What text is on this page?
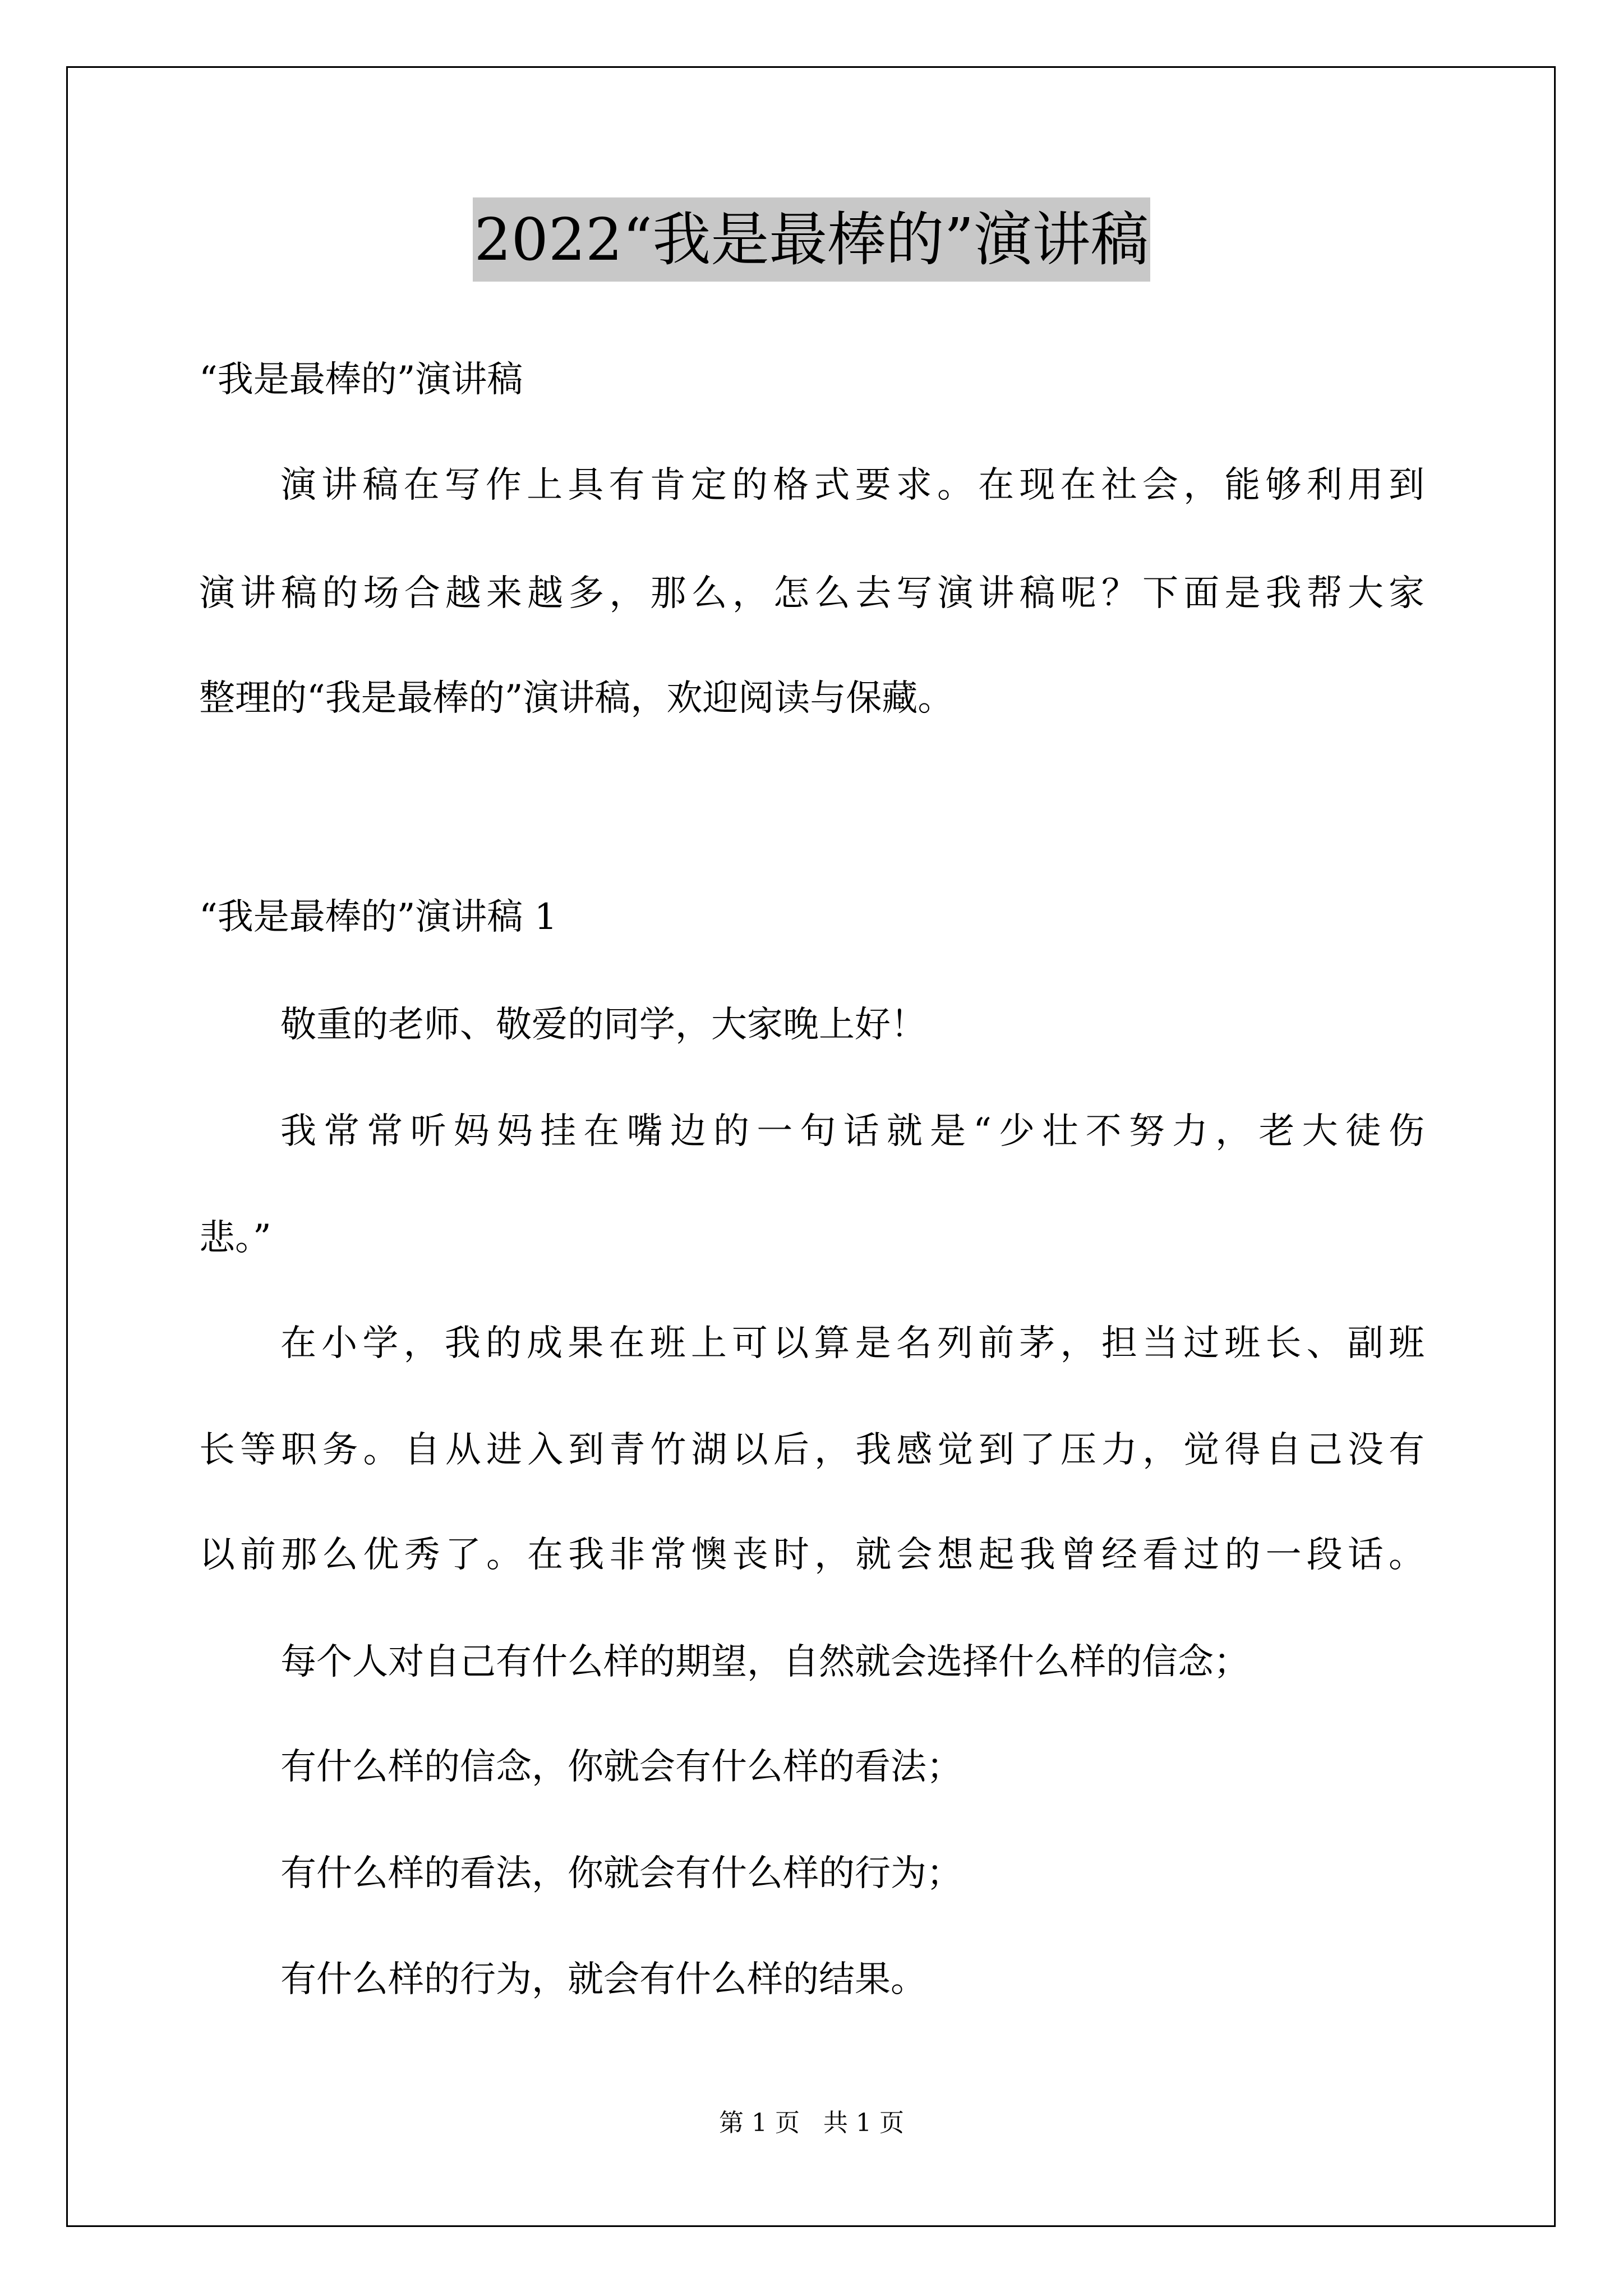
2022“我是最棒的”演讲稿
“我是最棒的”演讲稿
演讲稿在写作上具有肯定的格式要求。在现在社会，能够利用到
演讲稿的场合越来越多，那么，怎么去写演讲稿呢？下面是我帮大家
整理的“我是最棒的”演讲稿，欢迎阅读与保藏。
“我是最棒的”演讲稿 1
敬重的老师、敬爱的同学，大家晚上好！
我常常听妈妈挂在嘴边的一句话就是“少壮不努力，老大徒伤
悲。”
在小学，我的成果在班上可以算是名列前茅，担当过班长、副班
长等职务。自从进入到青竹湖以后，我感觉到了压力，觉得自己没有
以前那么优秀了。在我非常懊丧时，就会想起我曾经看过的一段话。
每个人对自己有什么样的期望，自然就会选择什么样的信念；
有什么样的信念，你就会有什么样的看法；
有什么样的看法，你就会有什么样的行为；
有什么样的行为，就会有什么样的结果。
第 1 页 共 1 页
